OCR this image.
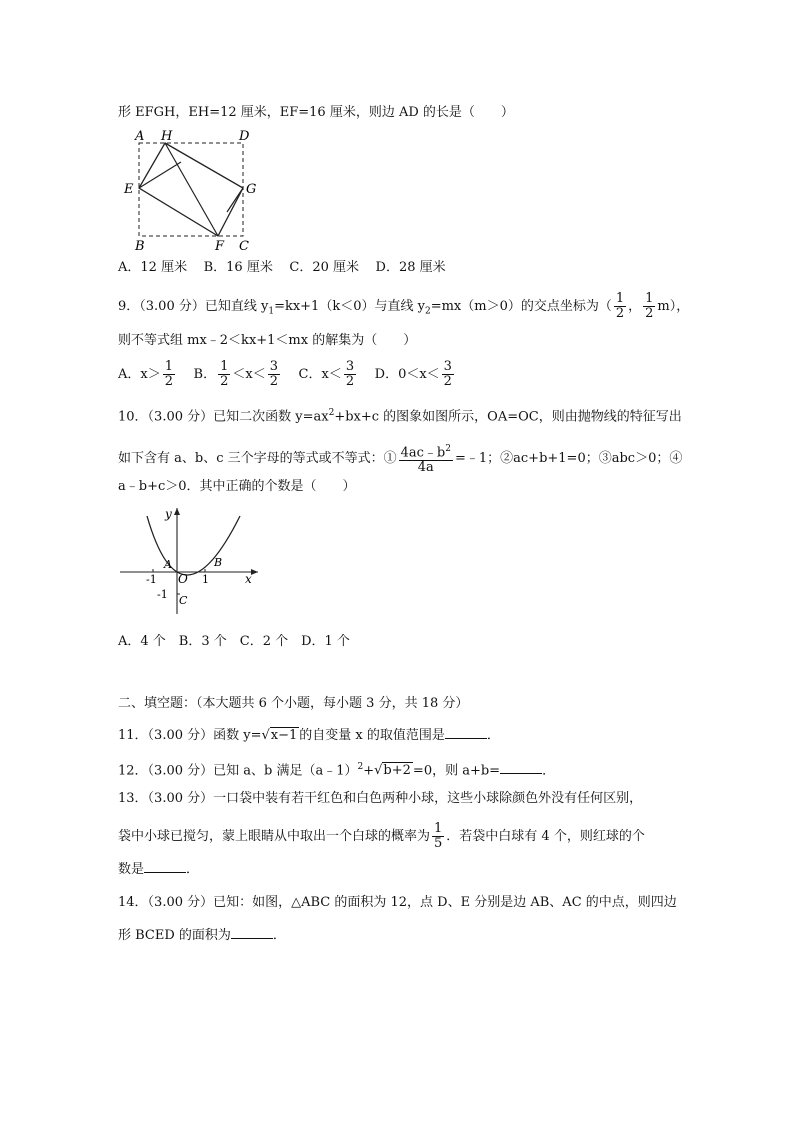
形 EFGH，EH=12 厘米，EF=16 厘米，则边 AD 的长是（　　）
A H	D
E	G
B	F C
A．12 厘米 B．16 厘米 C．20 厘米 D．28 厘米
9．（3.00 分）已知直线 $y_1=kx+1(k<0)$与直线 $y_2=mx(m>0)$的交点坐标为（ $\frac{1}{2}$ ， $\frac{1}{2} m$），
则不等式组 mx﹣2＜kx+1＜mx 的解集为（　　）
A．$x> \frac{1}{2}$ B． $\frac{1}{2} <x< \frac{3}{2}$ C．$x< \frac{3}{2}$ D．$0<x< \frac{3}{2}$
10．（3.00 分）已知二次函数 $y=ax^2+bx+c$ 的图象如图所示，OA=OC，则由抛物线的特征写出
如下含有 a、b、c 三个字母的等式或不等式：① $\frac{4ac﹣b^2}{4a}$ =﹣1；②ac+b+1=0；③abc＞0；④
a﹣b+c＞0．其中正确的个数是（　　）
y
x
A	B
O
C
-1	1
-1
A．4 个　B．3 个　C．2 个　D．1 个
二、填空题：（本大题共 6 个小题，每小题 3 分，共 18 分）
11．（3.00 分）函数 y=√x−1 的自变量 x 的取值范围是	．
12．（3.00 分）已知 a、b 满足（a﹣1）$^2$+√b+2 =0，则 a+b=	．
13．（3.00 分）一口袋中装有若干红色和白色两种小球，这些小球除颜色外没有任何区别，
袋中小球已搅匀，蒙上眼睛从中取出一个白球的概率为 $\frac{1}{5}$ ．若袋中白球有 4 个，则红球的个
数是	．
14．（3.00 分）已知：如图，△ABC 的面积为 12，点 D、E 分别是边 AB、AC 的中点，则四边
形 BCED 的面积为	．
